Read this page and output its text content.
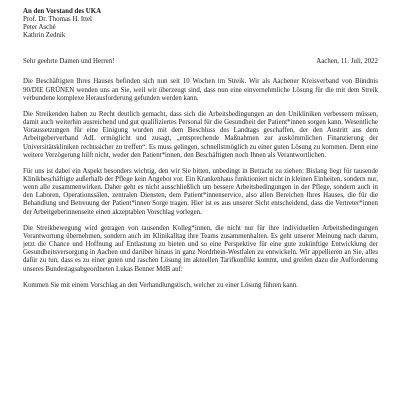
An den Vorstand des UKA
Prof. Dr. Thomas H. Ittel
Peter Asché
Kathrin Zednik
Sehr geehrte Damen und Herren!	Aachen, 11. Juli, 2022

Die Beschäftigten Ihres Hauses befinden sich nun seit 10 Wochen im Streik. Wir als Aachener Kreisverband von Bündnis 90/DIE GRÜNEN wenden uns an Sie, weil wir überzeugt sind, dass nun eine einvernehmliche Lösung für die mit dem Streik verbundene komplexe Herausforderung gefunden werden kann.

Die Streikenden haben zu Recht deutlich gemacht, dass sich die Arbeitsbedingungen an den Unikliniken verbessern müssen, damit auch weiterhin ausreichend und gut qualifiziertes Personal für die Gesundheit der Patient*innen sorgen kann. Wesentliche Voraussetzungen für eine Einigung wurden mit dem Beschluss des Landtags geschaffen, der den Austritt aus dem Arbeitgeberverband AdL ermöglicht und zusagt, „entsprechende Maßnahmen zur auskömmlichen Finanzierung der Universitätskliniken rechtssicher zu treffen“. Es muss gelingen, schnellstmöglich zu einer guten Lösung zu kommen. Denn eine weitere Verzögerung hilft nicht, weder den Patient*innen, den Beschäftigten noch Ihnen als Verantwortlichen.

Für uns ist dabei ein Aspekt besonders wichtig, den wir Sie bitten, unbedingt in Betracht zu ziehen: Bislang liegt für tausende Klinikbeschäftigte außerhalb der Pflege kein Angebot vor. Ein Krankenhaus funktioniert nicht in kleinen Einheiten, sondern nur, wenn alle zusammenwirken. Daher geht es nicht ausschließlich um bessere Arbeitsbedingungen in der Pflege, sondern auch in den Laboren, Operationssälen, zentralen Diensten, dem Patient*innenservice, also allen Bereichen Ihres Hauses, die für die Behandlung und Betreuung der Patient*innen Sorge tragen. Hier ist es aus unserer Sicht entscheidend, dass die Vertreter*innen der Arbeitgeberinnenseite einen akzeptablen Vorschlag vorlegen.

Die Streikbewegung wird getragen von tausenden Kolleg*innen, die nicht nur für ihre individuellen Arbeitsbedingungen Verantwortung übernehmen, sondern auch im Klinikalltag ihre Teams zusammenhalten. Es geht unserer Meinung nach darum, jetzt die Chance und Hoffnung auf Entlastung zu bieten und so eine Perspektive für eine gute zukünftige Entwicklung der Gesundheitsversorgung in Aachen und darüber hinaus in ganz Nordrhein-Westfalen zu entwickeln. Wir appellieren an Sie, alles dafür zu tun, dass es zu einer guten und raschen Lösung im aktuellen Tarifkonflikt kommt, und greifen dazu die Aufforderung unseres Bundestagsabgeordneten Lukas Benner MdB auf:

Kommen Sie mit einem Vorschlag an den Verhandlungstisch, welcher zu einer Lösung führen kann.
